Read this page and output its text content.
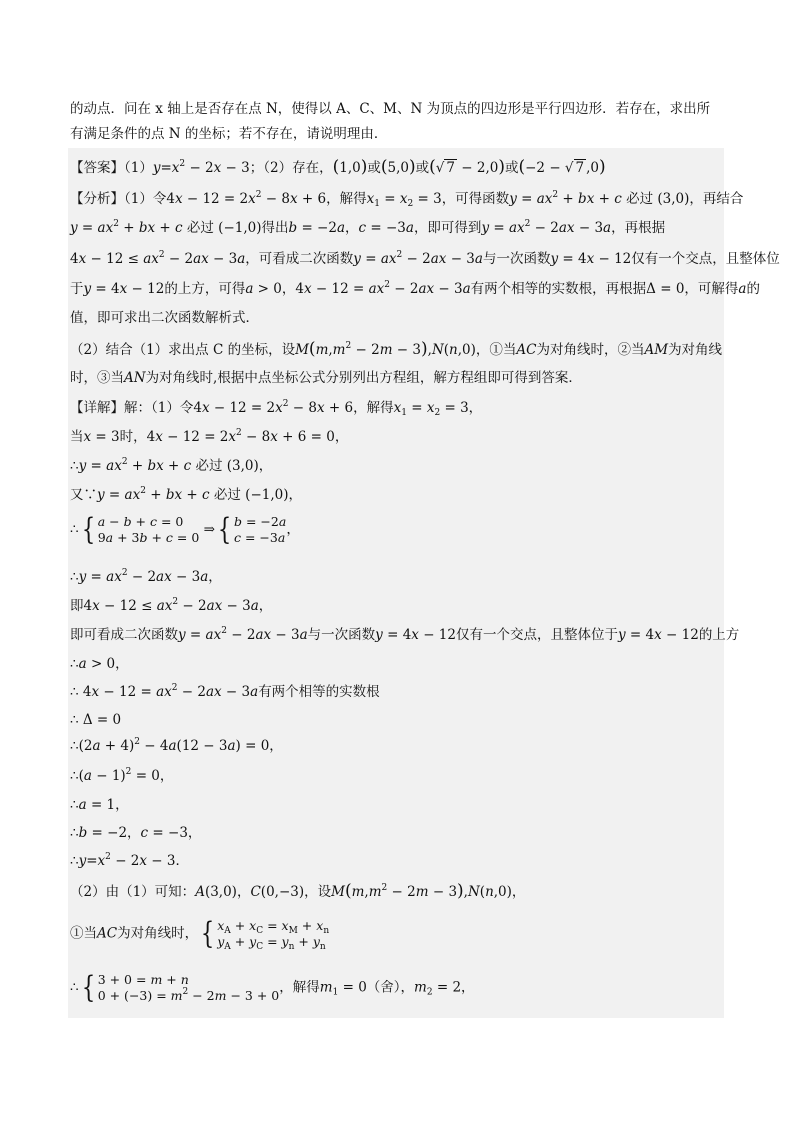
的动点．问在 x 轴上是否存在点 N，使得以 A、C、M、N 为顶点的四边形是平行四边形．若存在，求出所
有满足条件的点 N 的坐标；若不存在，请说明理由．
【答案】$(1)y=x^2 - 2x - 3$；（2）存在，(1,0)或(5,0)或(√ 7 − 2,0)或(−2 − √ 7 ,0)
【分析】（1）令$4x - 12 = 2x^2 - 8x + 6$，解得$x_1 = x_2 = 3$，可得函数$y = ax^2$ + bx + c 必过 (3,0)，再结合
$y = ax^2$ + bx + c 必过 (−1,0)得出b = −2a，c = −3a，即可得到$y = ax^2 - 2ax - 3a$，再根据
$4x - 12 \le ax^2 - 2ax - 3a$，可看成二次函数$y = ax^2 - 2ax - 3a$与一次函数y = 4x − 12仅有一个交点，且整体位
于y = 4x − 12的上方，可得a > 0，$4x - 12 = ax^2 - 2ax - 3a$有两个相等的实数根，再根据Δ = 0，可解得a的
值，即可求出二次函数解析式．
（2）结合（1）求出点 C 的坐标，设$M(m,m^2 - 2m - 3),N(n,0)$，①当AC为对角线时，②当AM为对角线
时，③当AN为对角线时,根据中点坐标公式分别列出方程组，解方程组即可得到答案．
【详解】解：（1）令$4x - 12 = 2x^2 - 8x + 6$，解得$x_1 = x_2 = 3$，
当x = 3时，$4x - 12 = 2x^2 - 8x + 6 = 0$，
∴y = $ax^2$ + bx + c 必过 (3,0)，
又∵y = $ax^2$ + bx + c 必过 (−1,0)，
∴{ a − b + c = 0
9a + 3b + c = 0 ⇒{ b = −2a
c = −3a ，
∴y = $ax^2 - 2ax - 3a$，
即$4x - 12 \le ax^2 - 2ax - 3a$，
即可看成二次函数$y = ax^2 - 2ax - 3a$与一次函数y = 4x − 12仅有一个交点，且整体位于y = 4x − 12的上方
∴a > 0，
∴ $4x - 12 = ax^2 - 2ax - 3a$有两个相等的实数根
∴ Δ = 0
∴(2a + 4)$^2$ − 4a(12 − 3a) = 0，
∴(a − 1)$^2$ = 0，
∴a = 1，
∴b = −2，c = −3，
$\therefore y=x^2 - 2x - 3$．
（2）由（1）可知：A(3,0)，C(0,−3)，设$M(m,m^2 - 2m - 3),N(n,0)$，
①当AC为对角线时，{ $x_A + x_C = x_M + x_n$
$y_A + y_C = y_n + y_n$
∴{ 3 + 0 = m + n
$0 + (-3) = m^2 - 2m - 3 + 0$ ，解得$m_1 = 0$（舍），$m_2 = 2$，
